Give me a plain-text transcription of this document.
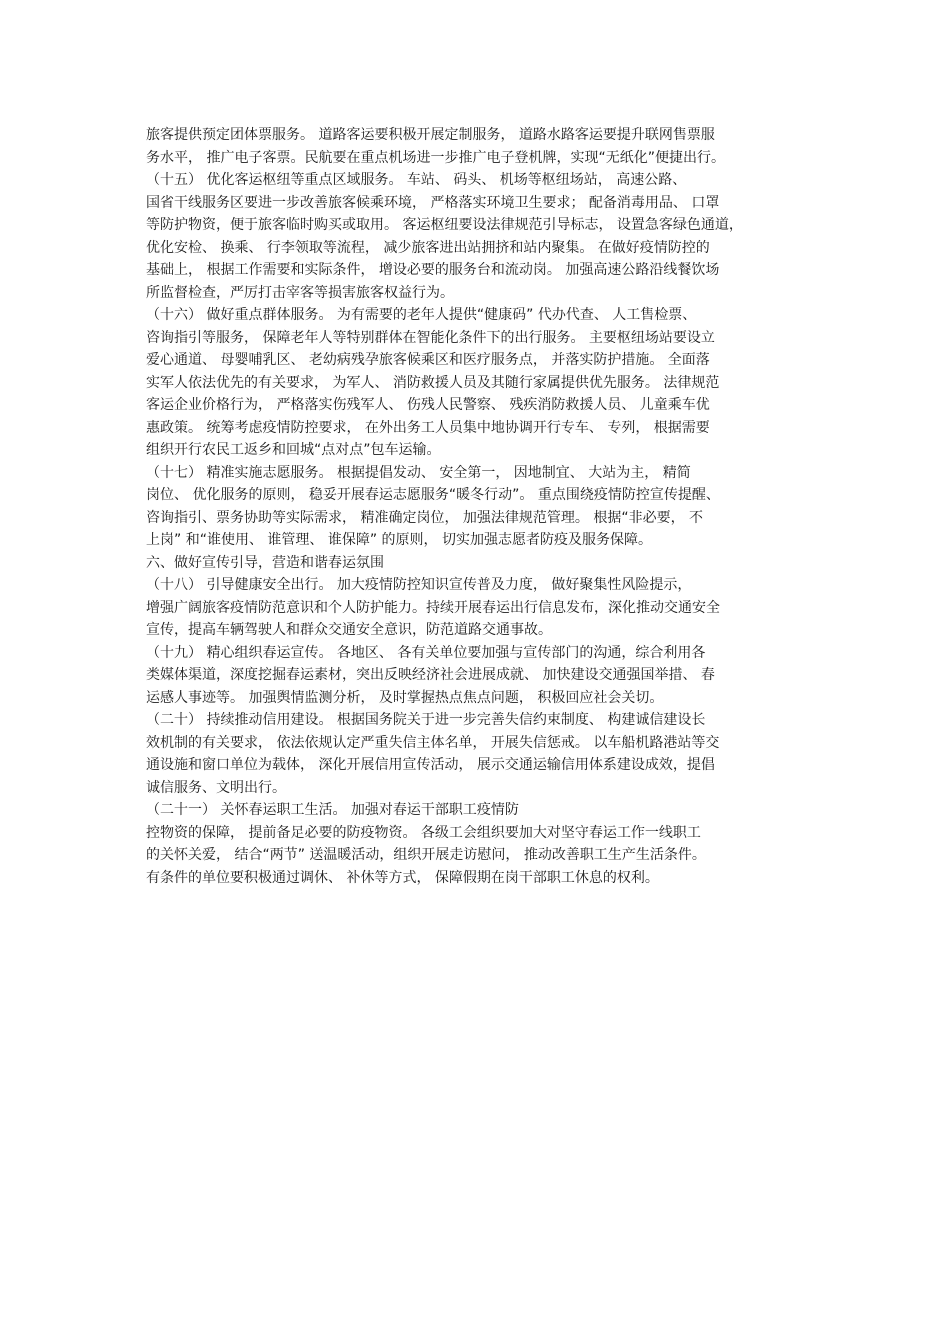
旅客提供预定团体票服务。 道路客运要积极开展定制服务， 道路水路客运要提升联网售票服
务水平， 推广电子客票。民航要在重点机场进一步推广电子登机牌，实现“无纸化”便捷出行。
（十五） 优化客运枢纽等重点区域服务。 车站、 码头、 机场等枢纽场站， 高速公路、
国省干线服务区要进一步改善旅客候乘环境， 严格落实环境卫生要求； 配备消毒用品、 口罩
等防护物资，便于旅客临时购买或取用。 客运枢纽要设法律规范引导标志， 设置急客绿色通道，
优化安检、 换乘、 行李领取等流程， 减少旅客进出站拥挤和站内聚集。 在做好疫情防控的
基础上， 根据工作需要和实际条件， 增设必要的服务台和流动岗。 加强高速公路沿线餐饮场
所监督检查，严厉打击宰客等损害旅客权益行为。
（十六） 做好重点群体服务。 为有需要的老年人提供“健康码” 代办代查、 人工售检票、
咨询指引等服务， 保障老年人等特别群体在智能化条件下的出行服务。 主要枢纽场站要设立
爱心通道、 母婴哺乳区、 老幼病残孕旅客候乘区和医疗服务点， 并落实防护措施。 全面落
实军人依法优先的有关要求， 为军人、 消防救援人员及其随行家属提供优先服务。 法律规范
客运企业价格行为， 严格落实伤残军人、 伤残人民警察、 残疾消防救援人员、 儿童乘车优
惠政策。 统筹考虑疫情防控要求， 在外出务工人员集中地协调开行专车、 专列， 根据需要
组织开行农民工返乡和回城“点对点”包车运输。
（十七） 精准实施志愿服务。 根据提倡发动、 安全第一， 因地制宜、 大站为主， 精简
岗位、 优化服务的原则， 稳妥开展春运志愿服务“暖冬行动”。 重点围绕疫情防控宣传提醒、
咨询指引、票务协助等实际需求， 精准确定岗位， 加强法律规范管理。 根据“非必要， 不
上岗” 和“谁使用、 谁管理、 谁保障” 的原则， 切实加强志愿者防疫及服务保障。
六、做好宣传引导，营造和谐春运氛围
（十八） 引导健康安全出行。 加大疫情防控知识宣传普及力度， 做好聚集性风险提示，
增强广阔旅客疫情防范意识和个人防护能力。持续开展春运出行信息发布，深化推动交通安全
宣传，提高车辆驾驶人和群众交通安全意识，防范道路交通事故。
（十九） 精心组织春运宣传。 各地区、 各有关单位要加强与宣传部门的沟通，综合利用各
类媒体渠道，深度挖掘春运素材，突出反映经济社会进展成就、 加快建设交通强国举措、 春
运感人事迹等。 加强舆情监测分析， 及时掌握热点焦点问题， 积极回应社会关切。
（二十） 持续推动信用建设。 根据国务院关于进一步完善失信约束制度、 构建诚信建设长
效机制的有关要求， 依法依规认定严重失信主体名单， 开展失信惩戒。 以车船机路港站等交
通设施和窗口单位为载体， 深化开展信用宣传活动， 展示交通运输信用体系建设成效，提倡
诚信服务、文明出行。
（二十一） 关怀春运职工生活。 加强对春运干部职工疫情防
控物资的保障， 提前备足必要的防疫物资。 各级工会组织要加大对坚守春运工作一线职工
的关怀关爱， 结合“两节” 送温暖活动，组织开展走访慰问， 推动改善职工生产生活条件。
有条件的单位要积极通过调休、 补休等方式， 保障假期在岗干部职工休息的权利。
